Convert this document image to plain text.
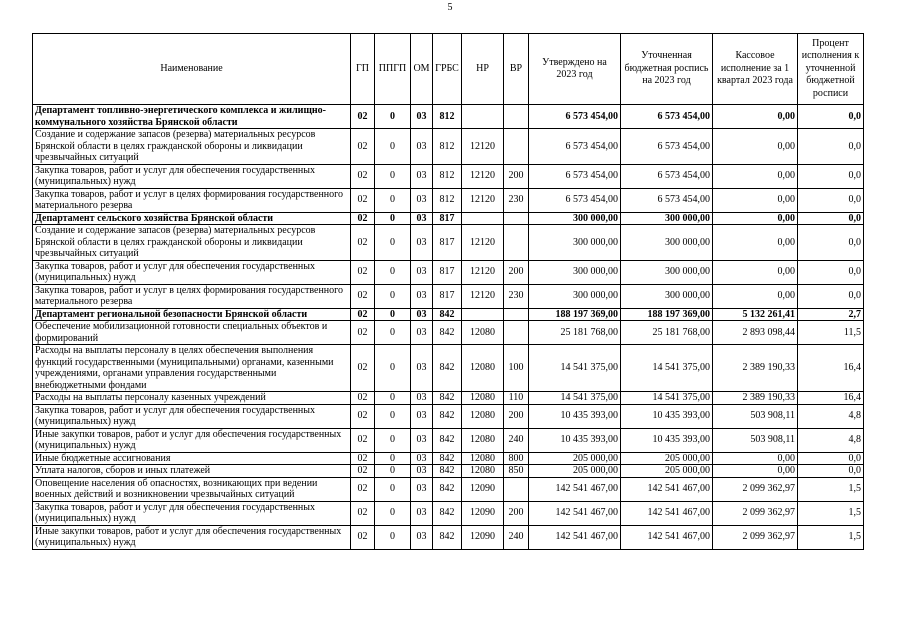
5
Наименование	ГП	ППГП	ОМ	ГРБС	НР	ВР	Утверждено на 2023 год	Уточненная бюджетная роспись на 2023 год	Кассовое исполнение за 1 квартал 2023 года	Процент исполнения к уточненной бюджетной росписи
Департамент топливно-энергетического комплекса и жилищно-коммунального хозяйства Брянской области	02	0	03	812			6 573 454,00	6 573 454,00	0,00	0,0
Создание и содержание запасов (резерва) материальных ресурсов Брянской области в целях гражданской обороны и ликвидации чрезвычайных ситуаций	02	0	03	812	12120		6 573 454,00	6 573 454,00	0,00	0,0
Закупка товаров, работ и услуг для обеспечения государственных (муниципальных) нужд	02	0	03	812	12120	200	6 573 454,00	6 573 454,00	0,00	0,0
Закупка товаров, работ и услуг в целях формирования государственного материального резерва	02	0	03	812	12120	230	6 573 454,00	6 573 454,00	0,00	0,0
Департамент сельского хозяйства Брянской области	02	0	03	817			300 000,00	300 000,00	0,00	0,0
Создание и содержание запасов (резерва) материальных ресурсов Брянской области в целях гражданской обороны и ликвидации чрезвычайных ситуаций	02	0	03	817	12120		300 000,00	300 000,00	0,00	0,0
Закупка товаров, работ и услуг для обеспечения государственных (муниципальных) нужд	02	0	03	817	12120	200	300 000,00	300 000,00	0,00	0,0
Закупка товаров, работ и услуг в целях формирования государственного материального резерва	02	0	03	817	12120	230	300 000,00	300 000,00	0,00	0,0
Департамент региональной безопасности Брянской области	02	0	03	842			188 197 369,00	188 197 369,00	5 132 261,41	2,7
Обеспечение мобилизационной готовности специальных объектов и формирований	02	0	03	842	12080		25 181 768,00	25 181 768,00	2 893 098,44	11,5
Расходы на выплаты персоналу в целях обеспечения выполнения функций государственными (муниципальными) органами, казенными учреждениями, органами управления государственными внебюджетными фондами	02	0	03	842	12080	100	14 541 375,00	14 541 375,00	2 389 190,33	16,4
Расходы на выплаты персоналу казенных учреждений	02	0	03	842	12080	110	14 541 375,00	14 541 375,00	2 389 190,33	16,4
Закупка товаров, работ и услуг для обеспечения государственных (муниципальных) нужд	02	0	03	842	12080	200	10 435 393,00	10 435 393,00	503 908,11	4,8
Иные закупки товаров, работ и услуг для обеспечения государственных (муниципальных) нужд	02	0	03	842	12080	240	10 435 393,00	10 435 393,00	503 908,11	4,8
Иные бюджетные ассигнования	02	0	03	842	12080	800	205 000,00	205 000,00	0,00	0,0
Уплата налогов, сборов и иных платежей	02	0	03	842	12080	850	205 000,00	205 000,00	0,00	0,0
Оповещение населения об опасностях, возникающих при ведении военных действий и возникновении чрезвычайных ситуаций	02	0	03	842	12090		142 541 467,00	142 541 467,00	2 099 362,97	1,5
Закупка товаров, работ и услуг для обеспечения государственных (муниципальных) нужд	02	0	03	842	12090	200	142 541 467,00	142 541 467,00	2 099 362,97	1,5
Иные закупки товаров, работ и услуг для обеспечения государственных (муниципальных) нужд	02	0	03	842	12090	240	142 541 467,00	142 541 467,00	2 099 362,97	1,5
